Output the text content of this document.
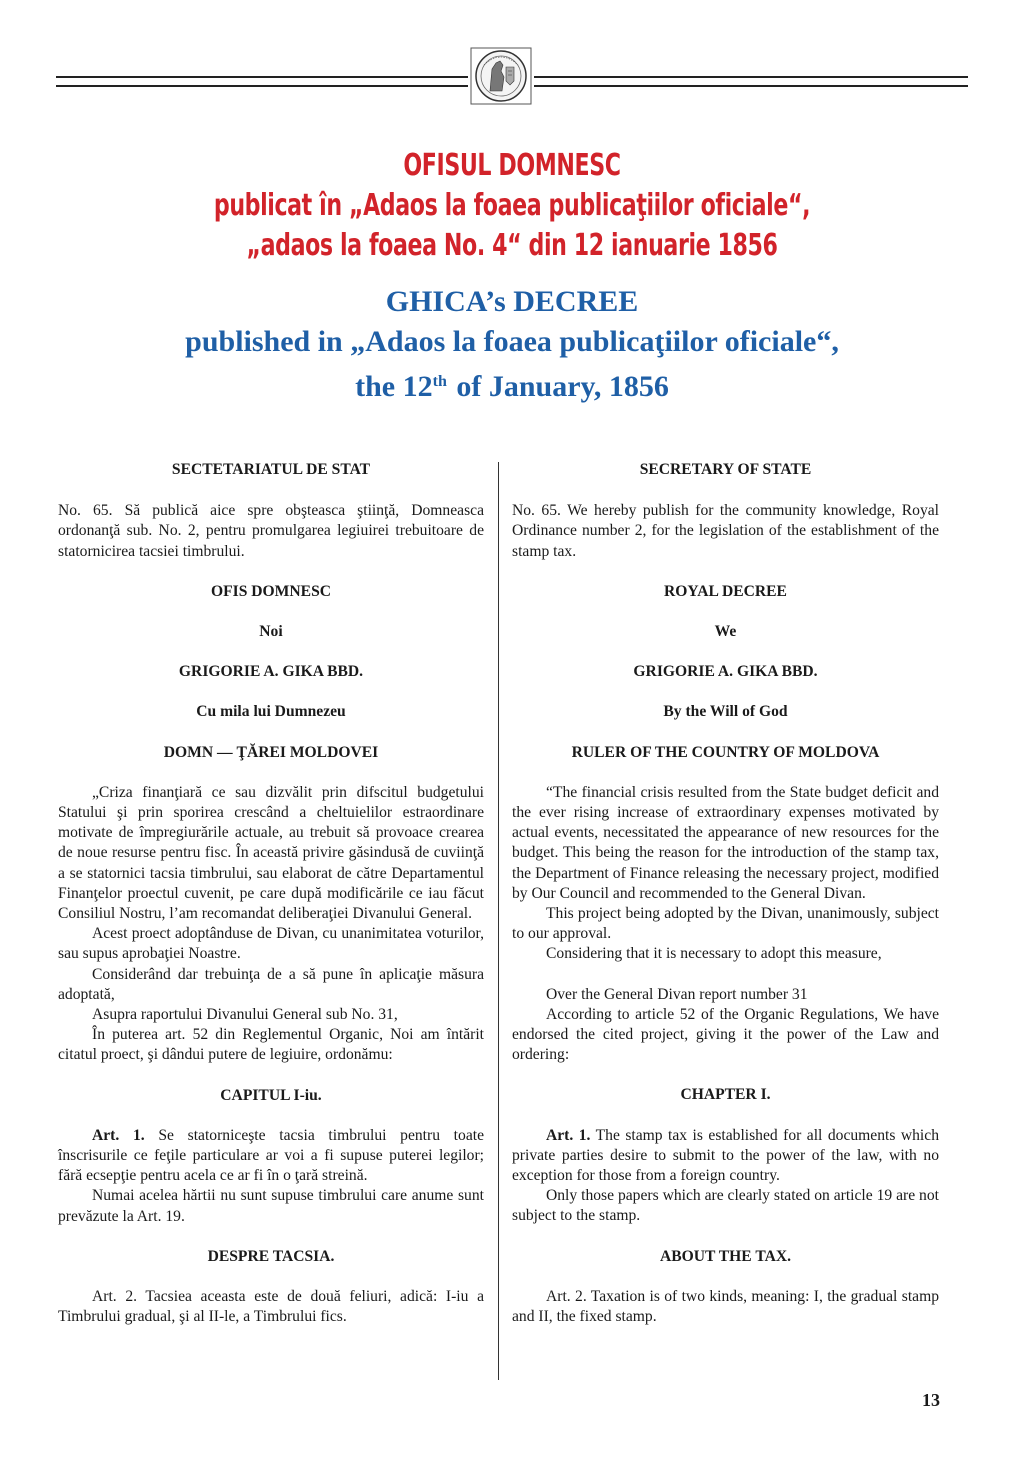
OFISUL DOMNESC
publicat în „Adaos la foaea publicaţiilor oficiale“,
„adaos la foaea No. 4“ din 12 ianuarie 1856
GHICA’s DECREE
published in „Adaos la foaea publicaţiilor oficiale“,
the 12th of January, 1856

SECTETARIATUL DE STAT

No. 65. Să publică aice spre obşteasca ştiinţă, Domneasca ordonanţă sub. No. 2, pentru promulgarea legiuirei trebuitoare de statornicirea tacsiei timbrului.

OFIS DOMNESC

Noi

GRIGORIE A. GIKA BBD.

Cu mila lui Dumnezeu

DOMN — ŢĂREI MOLDOVEI

„Criza finanţiară ce sau dizvălit prin difscitul budgetului Statului şi prin sporirea crescând a cheltuielilor estraordinare motivate de împregiurările actuale, au trebuit să provoace crearea de noue resurse pentru fisc. În această privire găsindusă de cuviinţă a se statornici tacsia timbrului, sau elaborat de către Departamentul Finanţelor proectul cuvenit, pe care după modificările ce iau făcut Consiliul Nostru, l’am recomandat deliberaţiei Divanului General.

Acest proect adoptânduse de Divan, cu unanimitatea voturilor, sau supus aprobaţiei Noastre.

Considerând dar trebuinţa de a să pune în aplicaţie măsura adoptată,

Asupra raportului Divanului General sub No. 31,

În puterea art. 52 din Reglementul Organic, Noi am întărit citatul proect, şi dândui putere de legiuire, ordonămu:

CAPITUL I-iu.

Art. 1. Se statorniceşte tacsia timbrului pentru toate înscrisurile ce feţile particulare ar voi a fi supuse puterei legilor; fără ecsepţie pentru acela ce ar fi în o ţară streină.

Numai acelea hărtii nu sunt supuse timbrului care anume sunt prevăzute la Art. 19.

DESPRE TACSIA.

Art. 2. Tacsiea aceasta este de două feliuri, adică: I-iu a Timbrului gradual, şi al II-le, a Timbrului fics.

SECRETARY OF STATE

No. 65. We hereby publish for the community knowledge, Royal Ordinance number 2, for the legislation of the establishment of the stamp tax.

ROYAL DECREE

We

GRIGORIE A. GIKA BBD.

By the Will of God

RULER OF THE COUNTRY OF MOLDOVA

“The financial crisis resulted from the State budget deficit and the ever rising increase of extraordinary expenses motivated by actual events, necessitated the appearance of new resources for the budget. This being the reason for the introduction of the stamp tax, the Department of Finance releasing the necessary project, modified by Our Council and recommended to the General Divan.

This project being adopted by the Divan, unanimously, subject to our approval.

Considering that it is necessary to adopt this measure,

Over the General Divan report number 31

According to article 52 of the Organic Regulations, We have endorsed the cited project, giving it the power of the Law and ordering:

CHAPTER I.

Art. 1. The stamp tax is established for all documents which private parties desire to submit to the power of the law, with no exception for those from a foreign country.

Only those papers which are clearly stated on article 19 are not subject to the stamp.

ABOUT THE TAX.

Art. 2. Taxation is of two kinds, meaning: I, the gradual stamp and II, the fixed stamp.

13
